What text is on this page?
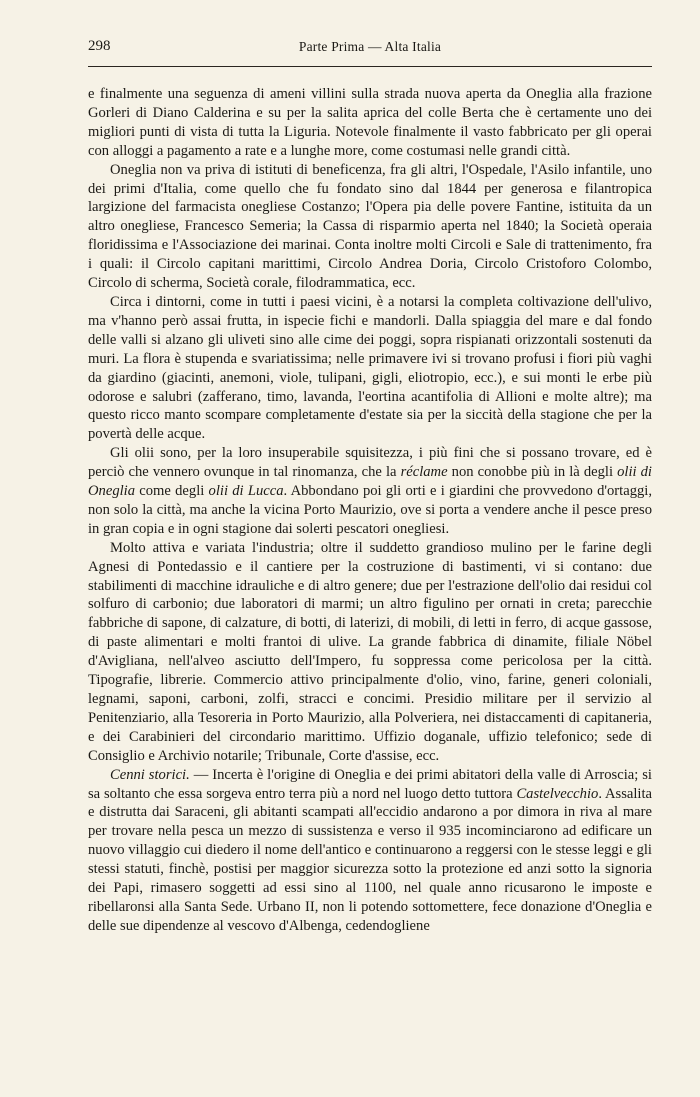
298	Parte Prima — Alta Italia

e finalmente una seguenza di ameni villini sulla strada nuova aperta da Oneglia alla frazione Gorleri di Diano Calderina e su per la salita aprica del colle Berta che è certamente uno dei migliori punti di vista di tutta la Liguria. Notevole finalmente il vasto fabbricato per gli operai con alloggi a pagamento a rate e a lunghe more, come costumasi nelle grandi città.

Oneglia non va priva di istituti di beneficenza, fra gli altri, l'Ospedale, l'Asilo infantile, uno dei primi d'Italia, come quello che fu fondato sino dal 1844 per generosa e filantropica largizione del farmacista onegliese Costanzo; l'Opera pia delle povere Fantine, istituita da un altro onegliese, Francesco Semeria; la Cassa di risparmio aperta nel 1840; la Società operaia floridissima e l'Associazione dei marinai. Conta inoltre molti Circoli e Sale di trattenimento, fra i quali: il Circolo capitani marittimi, Circolo Andrea Doria, Circolo Cristoforo Colombo, Circolo di scherma, Società corale, filodrammatica, ecc.

Circa i dintorni, come in tutti i paesi vicini, è a notarsi la completa coltivazione dell'ulivo, ma v'hanno però assai frutta, in ispecie fichi e mandorli. Dalla spiaggia del mare e dal fondo delle valli si alzano gli uliveti sino alle cime dei poggi, sopra rispianati orizzontali sostenuti da muri. La flora è stupenda e svariatissima; nelle primavere ivi si trovano profusi i fiori più vaghi da giardino (giacinti, anemoni, viole, tulipani, gigli, eliotropio, ecc.), e sui monti le erbe più odorose e salubri (zafferano, timo, lavanda, l'eortina acantifolia di Allioni e molte altre); ma questo ricco manto scompare completamente d'estate sia per la siccità della stagione che per la povertà delle acque.

Gli olii sono, per la loro insuperabile squisitezza, i più fini che si possano trovare, ed è perciò che vennero ovunque in tal rinomanza, che la réclame non conobbe più in là degli olii di Oneglia come degli olii di Lucca. Abbondano poi gli orti e i giardini che provvedono d'ortaggi, non solo la città, ma anche la vicina Porto Maurizio, ove si porta a vendere anche il pesce preso in gran copia e in ogni stagione dai solerti pescatori onegliesi.

Molto attiva e variata l'industria; oltre il suddetto grandioso mulino per le farine degli Agnesi di Pontedassio e il cantiere per la costruzione di bastimenti, vi si contano: due stabilimenti di macchine idrauliche e di altro genere; due per l'estrazione dell'olio dai residui col solfuro di carbonio; due laboratori di marmi; un altro figulino per ornati in creta; parecchie fabbriche di sapone, di calzature, di botti, di laterizi, di mobili, di letti in ferro, di acque gassose, di paste alimentari e molti frantoi di ulive. La grande fabbrica di dinamite, filiale Nöbel d'Avigliana, nell'alveo asciutto dell'Impero, fu soppressa come pericolosa per la città. Tipografie, librerie. Commercio attivo principalmente d'olio, vino, farine, generi coloniali, legnami, saponi, carboni, zolfi, stracci e concimi. Presidio militare per il servizio al Penitenziario, alla Tesoreria in Porto Maurizio, alla Polveriera, nei distaccamenti di capitaneria, e dei Carabinieri del circondario marittimo. Uffizio doganale, uffizio telefonico; sede di Consiglio e Archivio notarile; Tribunale, Corte d'assise, ecc.

Cenni storici. — Incerta è l'origine di Oneglia e dei primi abitatori della valle di Arroscia; si sa soltanto che essa sorgeva entro terra più a nord nel luogo detto tuttora Castelvecchio. Assalita e distrutta dai Saraceni, gli abitanti scampati all'eccidio andarono a por dimora in riva al mare per trovare nella pesca un mezzo di sussistenza e verso il 935 incominciarono ad edificare un nuovo villaggio cui diedero il nome dell'antico e continuarono a reggersi con le stesse leggi e gli stessi statuti, finchè, postisi per maggior sicurezza sotto la protezione ed anzi sotto la signoria dei Papi, rimasero soggetti ad essi sino al 1100, nel quale anno ricusarono le imposte e ribellaronsi alla Santa Sede. Urbano II, non li potendo sottomettere, fece donazione d'Oneglia e delle sue dipendenze al vescovo d'Albenga, cedendogliene
